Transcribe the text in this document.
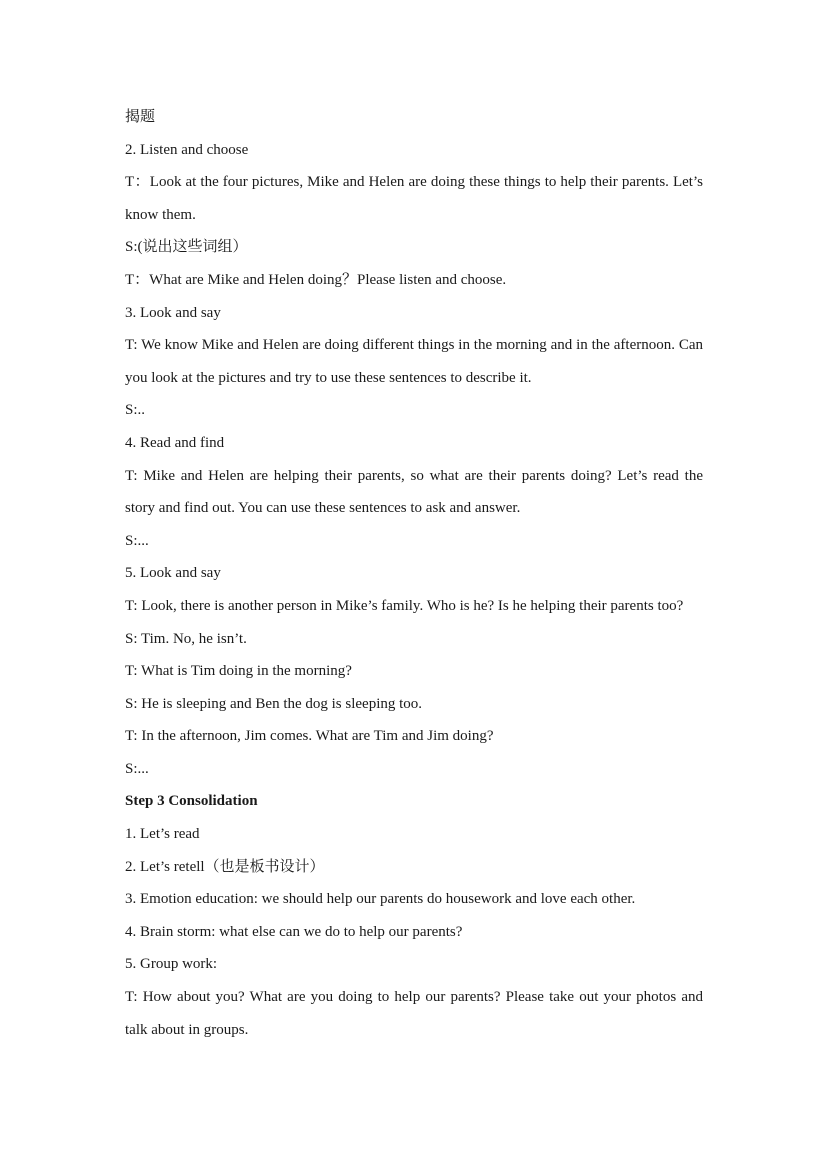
揭题
2. Listen and choose
T：Look at the four pictures, Mike and Helen are doing these things to help their parents. Let’s know them.
S:(说出这些词组）
T：What are Mike and Helen doing？Please listen and choose.
3. Look and say
T: We know Mike and Helen are doing different things in the morning and in the afternoon. Can you look at the pictures and try to use these sentences to describe it.
S:..
4. Read and find
T: Mike and Helen are helping their parents, so what are their parents doing? Let’s read the story and find out. You can use these sentences to ask and answer.
S:...
5. Look and say
T: Look, there is another person in Mike’s family. Who is he? Is he helping their parents too?
S: Tim. No, he isn’t.
T: What is Tim doing in the morning?
S: He is sleeping and Ben the dog is sleeping too.
T: In the afternoon, Jim comes. What are Tim and Jim doing?
S:...
Step 3 Consolidation
1. Let’s read
2. Let’s retell（也是板书设计）
3. Emotion education: we should help our parents do housework and love each other.
4. Brain storm: what else can we do to help our parents?
5. Group work:
T: How about you? What are you doing to help our parents? Please take out your photos and talk about in groups.
